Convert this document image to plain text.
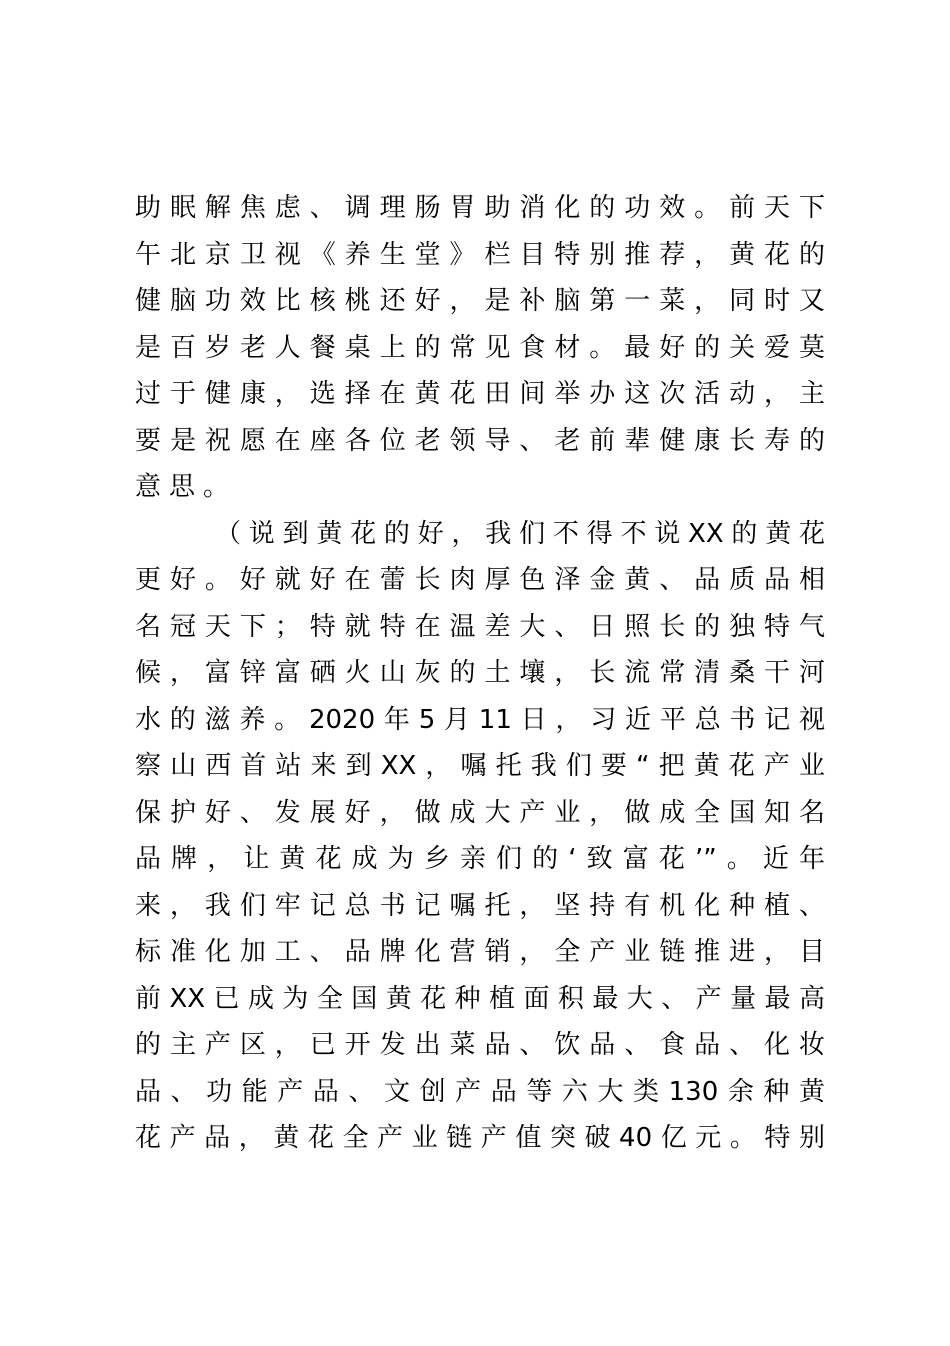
助眠解焦虑、调理肠胃助消化的功效。前天下
午北京卫视《养生堂》栏目特别推荐，黄花的
健脑功效比核桃还好，是补脑第一菜，同时又
是百岁老人餐桌上的常见食材。最好的关爱莫
过于健康，选择在黄花田间举办这次活动，主
要是祝愿在座各位老领导、老前辈健康长寿的
意思。
（说到黄花的好，我们不得不说XX的黄花
更好。好就好在蕾长肉厚色泽金黄、品质品相
名冠天下；特就特在温差大、日照长的独特气
候，富锌富硒火山灰的土壤，长流常清桑干河
水的滋养。2020年5月11日，习近平总书记视
察山西首站来到XX，嘱托我们要“把黄花产业
保护好、发展好，做成大产业，做成全国知名
品牌，让黄花成为乡亲们的‘致富花’”。近年
来，我们牢记总书记嘱托，坚持有机化种植、
标准化加工、品牌化营销，全产业链推进，目
前XX已成为全国黄花种植面积最大、产量最高
的主产区，已开发出菜品、饮品、食品、化妆
品、功能产品、文创产品等六大类130余种黄
花产品，黄花全产业链产值突破40亿元。特别
